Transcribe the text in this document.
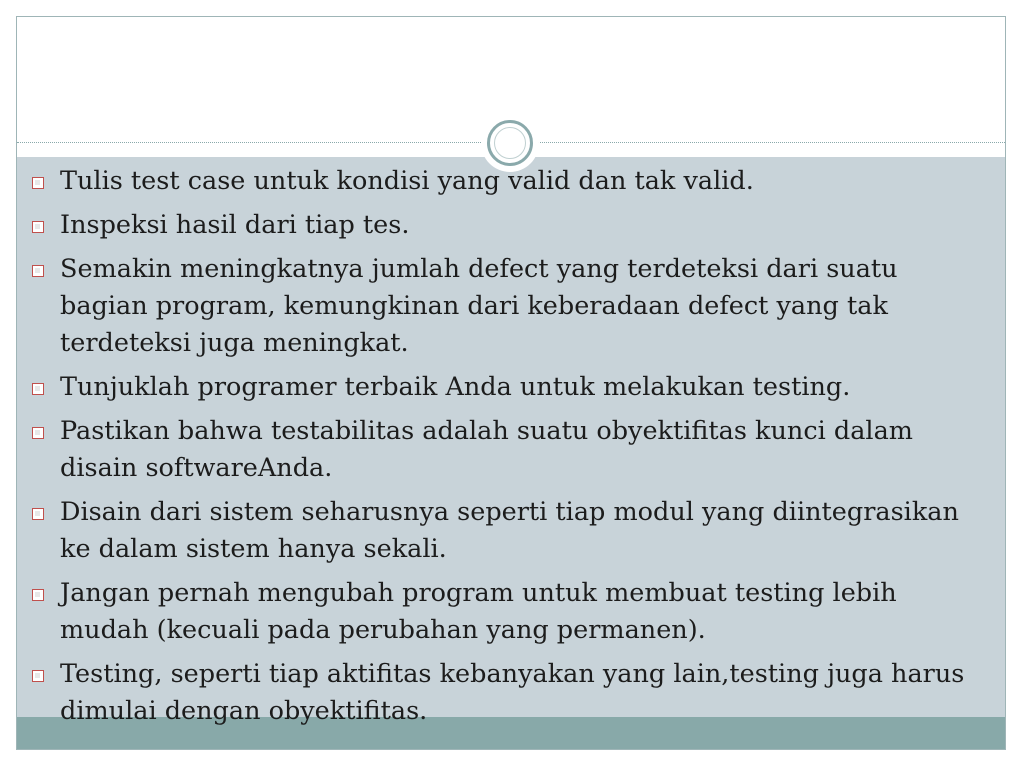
Tulis test case untuk kondisi yang valid dan tak valid.
Inspeksi hasil dari tiap tes.
Semakin meningkatnya jumlah defect yang terdeteksi dari suatu bagian program, kemungkinan dari keberadaan defect yang tak terdeteksi juga meningkat.
Tunjuklah programer terbaik Anda untuk melakukan testing.
Pastikan bahwa testabilitas adalah suatu obyektifitas kunci dalam disain softwareAnda.
Disain dari sistem seharusnya seperti tiap modul yang diintegrasikan ke dalam sistem hanya sekali.
Jangan pernah mengubah program untuk membuat testing lebih mudah (kecuali pada perubahan yang permanen).
Testing, seperti tiap aktifitas kebanyakan yang lain,testing juga harus dimulai dengan obyektifitas.
